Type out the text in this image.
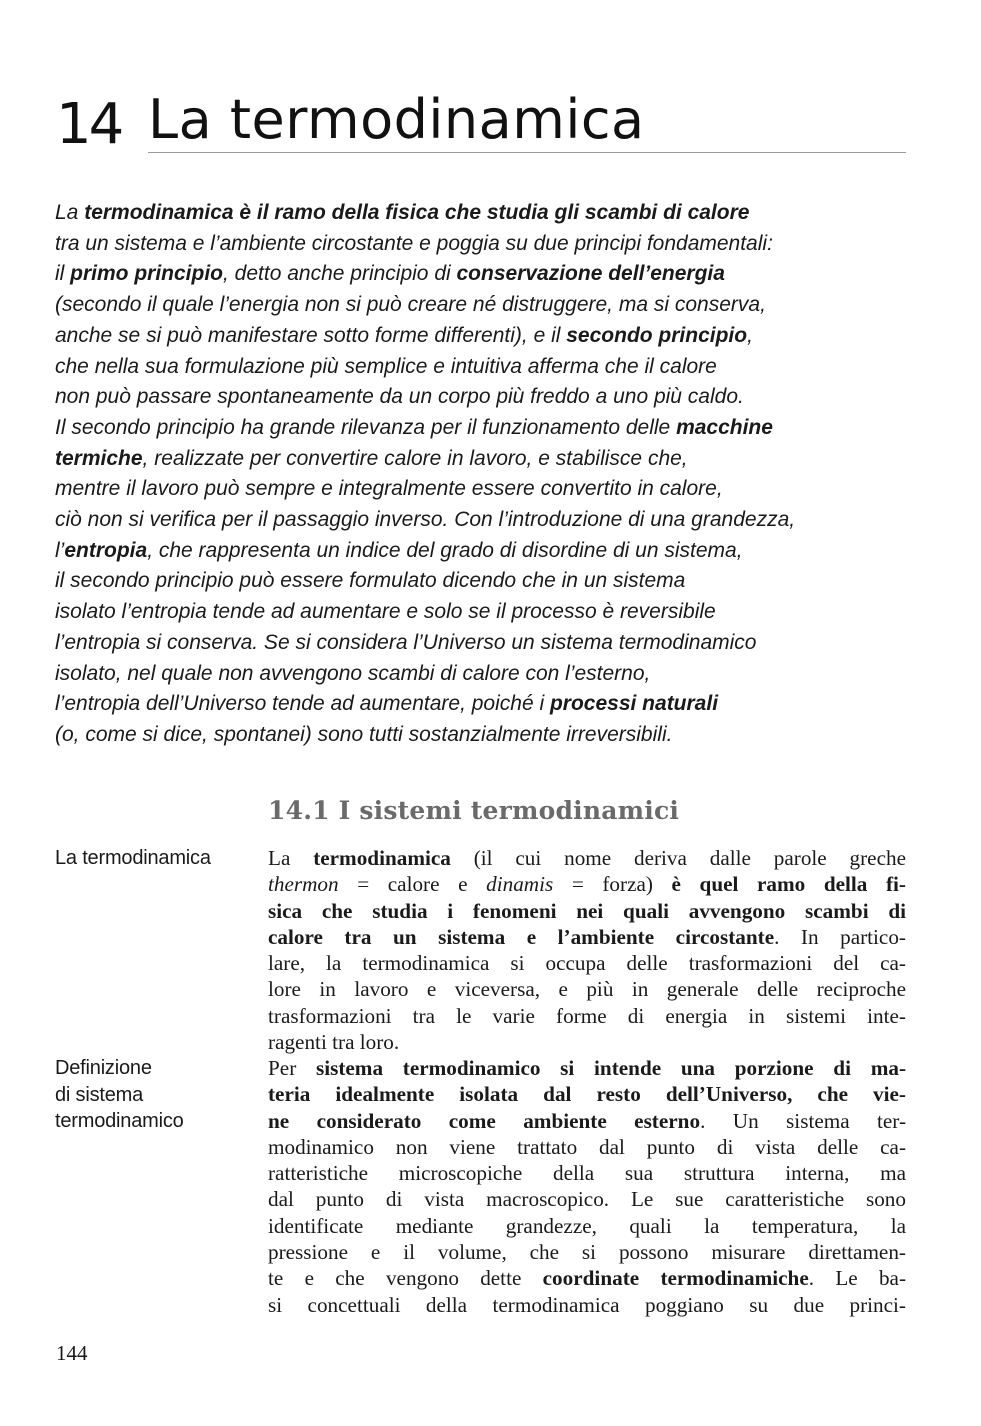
14 La termodinamica
La termodinamica è il ramo della fisica che studia gli scambi di calore
tra un sistema e l’ambiente circostante e poggia su due principi fondamentali:
il primo principio, detto anche principio di conservazione dell’energia
(secondo il quale l’energia non si può creare né distruggere, ma si conserva,
anche se si può manifestare sotto forme differenti), e il secondo principio,
che nella sua formulazione più semplice e intuitiva afferma che il calore
non può passare spontaneamente da un corpo più freddo a uno più caldo.
Il secondo principio ha grande rilevanza per il funzionamento delle macchine
termiche, realizzate per convertire calore in lavoro, e stabilisce che,
mentre il lavoro può sempre e integralmente essere convertito in calore,
ciò non si verifica per il passaggio inverso. Con l’introduzione di una grandezza,
l’entropia, che rappresenta un indice del grado di disordine di un sistema,
il secondo principio può essere formulato dicendo che in un sistema
isolato l’entropia tende ad aumentare e solo se il processo è reversibile
l’entropia si conserva. Se si considera l’Universo un sistema termodinamico
isolato, nel quale non avvengono scambi di calore con l’esterno,
l’entropia dell’Universo tende ad aumentare, poiché i processi naturali
(o, come si dice, spontanei) sono tutti sostanzialmente irreversibili.
14.1 I sistemi termodinamici
La termodinamica
Definizione
di sistema
termodinamico
La termodinamica (il cui nome deriva dalle parole greche
thermon = calore e dinamis = forza) è quel ramo della fi-
sica che studia i fenomeni nei quali avvengono scambi di
calore tra un sistema e l’ambiente circostante. In partico-
lare, la termodinamica si occupa delle trasformazioni del ca-
lore in lavoro e viceversa, e più in generale delle reciproche
trasformazioni tra le varie forme di energia in sistemi inte-
ragenti tra loro.
Per sistema termodinamico si intende una porzione di ma-
teria idealmente isolata dal resto dell’Universo, che vie-
ne considerato come ambiente esterno. Un sistema ter-
modinamico non viene trattato dal punto di vista delle ca-
ratteristiche microscopiche della sua struttura interna, ma
dal punto di vista macroscopico. Le sue caratteristiche sono
identificate mediante grandezze, quali la temperatura, la
pressione e il volume, che si possono misurare direttamen-
te e che vengono dette coordinate termodinamiche. Le ba-
si concettuali della termodinamica poggiano su due princi-
144
